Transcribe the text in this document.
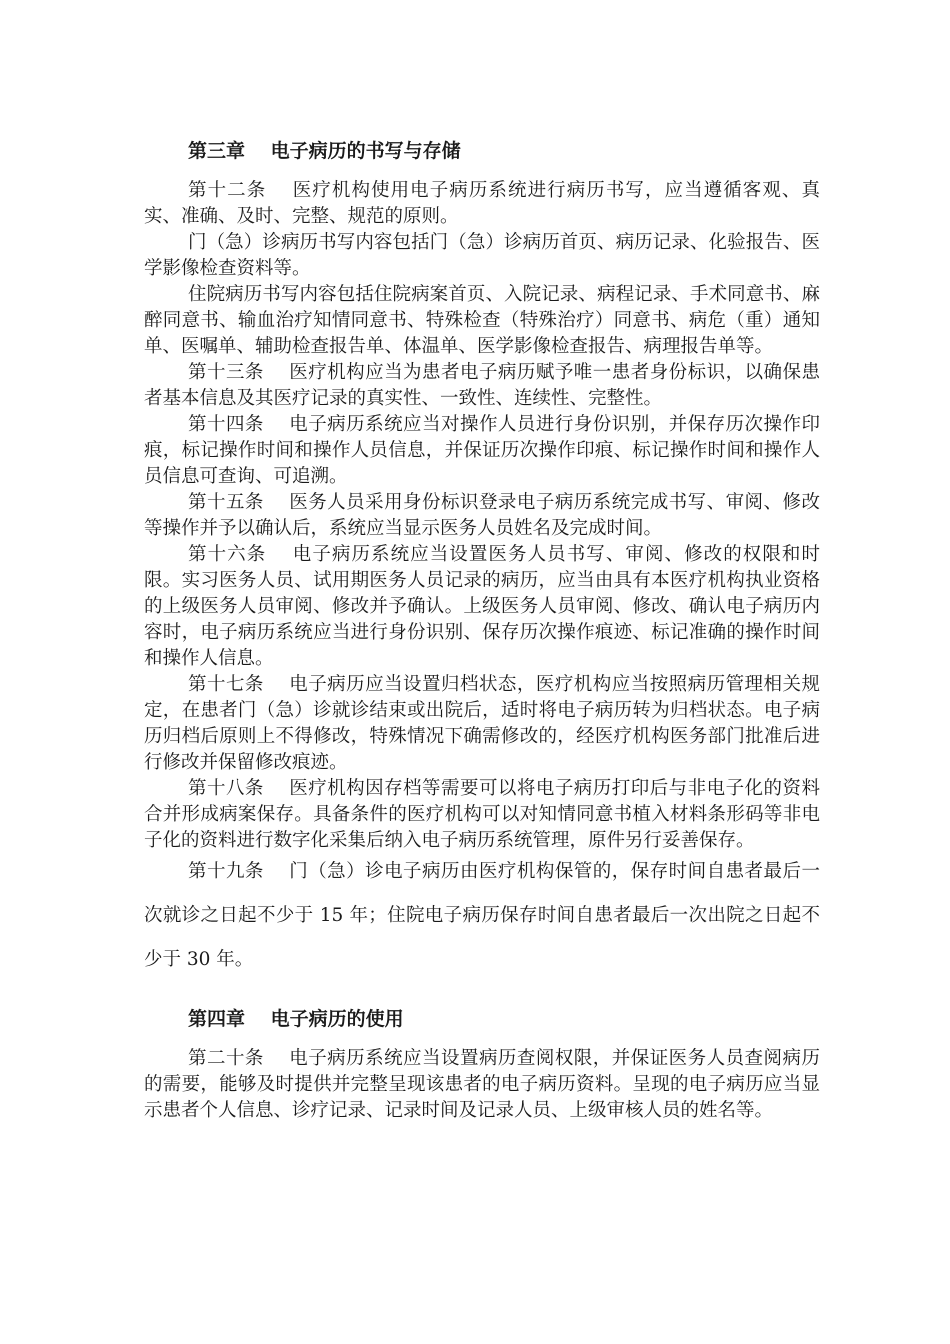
第三章　 电子病历的书写与存储

第十二条　 医疗机构使用电子病历系统进行病历书写，应当遵循客观、真实、准确、及时、完整、规范的原则。

门（急）诊病历书写内容包括门（急）诊病历首页、病历记录、化验报告、医学影像检查资料等。

住院病历书写内容包括住院病案首页、入院记录、病程记录、手术同意书、麻醉同意书、输血治疗知情同意书、特殊检查（特殊治疗）同意书、病危（重）通知单、医嘱单、辅助检查报告单、体温单、医学影像检查报告、病理报告单等。

第十三条　 医疗机构应当为患者电子病历赋予唯一患者身份标识，以确保患者基本信息及其医疗记录的真实性、一致性、连续性、完整性。

第十四条　 电子病历系统应当对操作人员进行身份识别，并保存历次操作印痕，标记操作时间和操作人员信息，并保证历次操作印痕、标记操作时间和操作人员信息可查询、可追溯。

第十五条　 医务人员采用身份标识登录电子病历系统完成书写、审阅、修改等操作并予以确认后，系统应当显示医务人员姓名及完成时间。

第十六条　 电子病历系统应当设置医务人员书写、审阅、修改的权限和时限。实习医务人员、试用期医务人员记录的病历，应当由具有本医疗机构执业资格的上级医务人员审阅、修改并予确认。上级医务人员审阅、修改、确认电子病历内容时，电子病历系统应当进行身份识别、保存历次操作痕迹、标记准确的操作时间和操作人信息。

第十七条　 电子病历应当设置归档状态，医疗机构应当按照病历管理相关规定，在患者门（急）诊就诊结束或出院后，适时将电子病历转为归档状态。电子病历归档后原则上不得修改，特殊情况下确需修改的，经医疗机构医务部门批准后进行修改并保留修改痕迹。

第十八条　 医疗机构因存档等需要可以将电子病历打印后与非电子化的资料合并形成病案保存。具备条件的医疗机构可以对知情同意书植入材料条形码等非电子化的资料进行数字化采集后纳入电子病历系统管理，原件另行妥善保存。

第十九条　 门（急）诊电子病历由医疗机构保管的，保存时间自患者最后一次就诊之日起不少于 15 年；住院电子病历保存时间自患者最后一次出院之日起不少于 30 年。

第四章　 电子病历的使用

第二十条　 电子病历系统应当设置病历查阅权限，并保证医务人员查阅病历的需要，能够及时提供并完整呈现该患者的电子病历资料。呈现的电子病历应当显示患者个人信息、诊疗记录、记录时间及记录人员、上级审核人员的姓名等。
